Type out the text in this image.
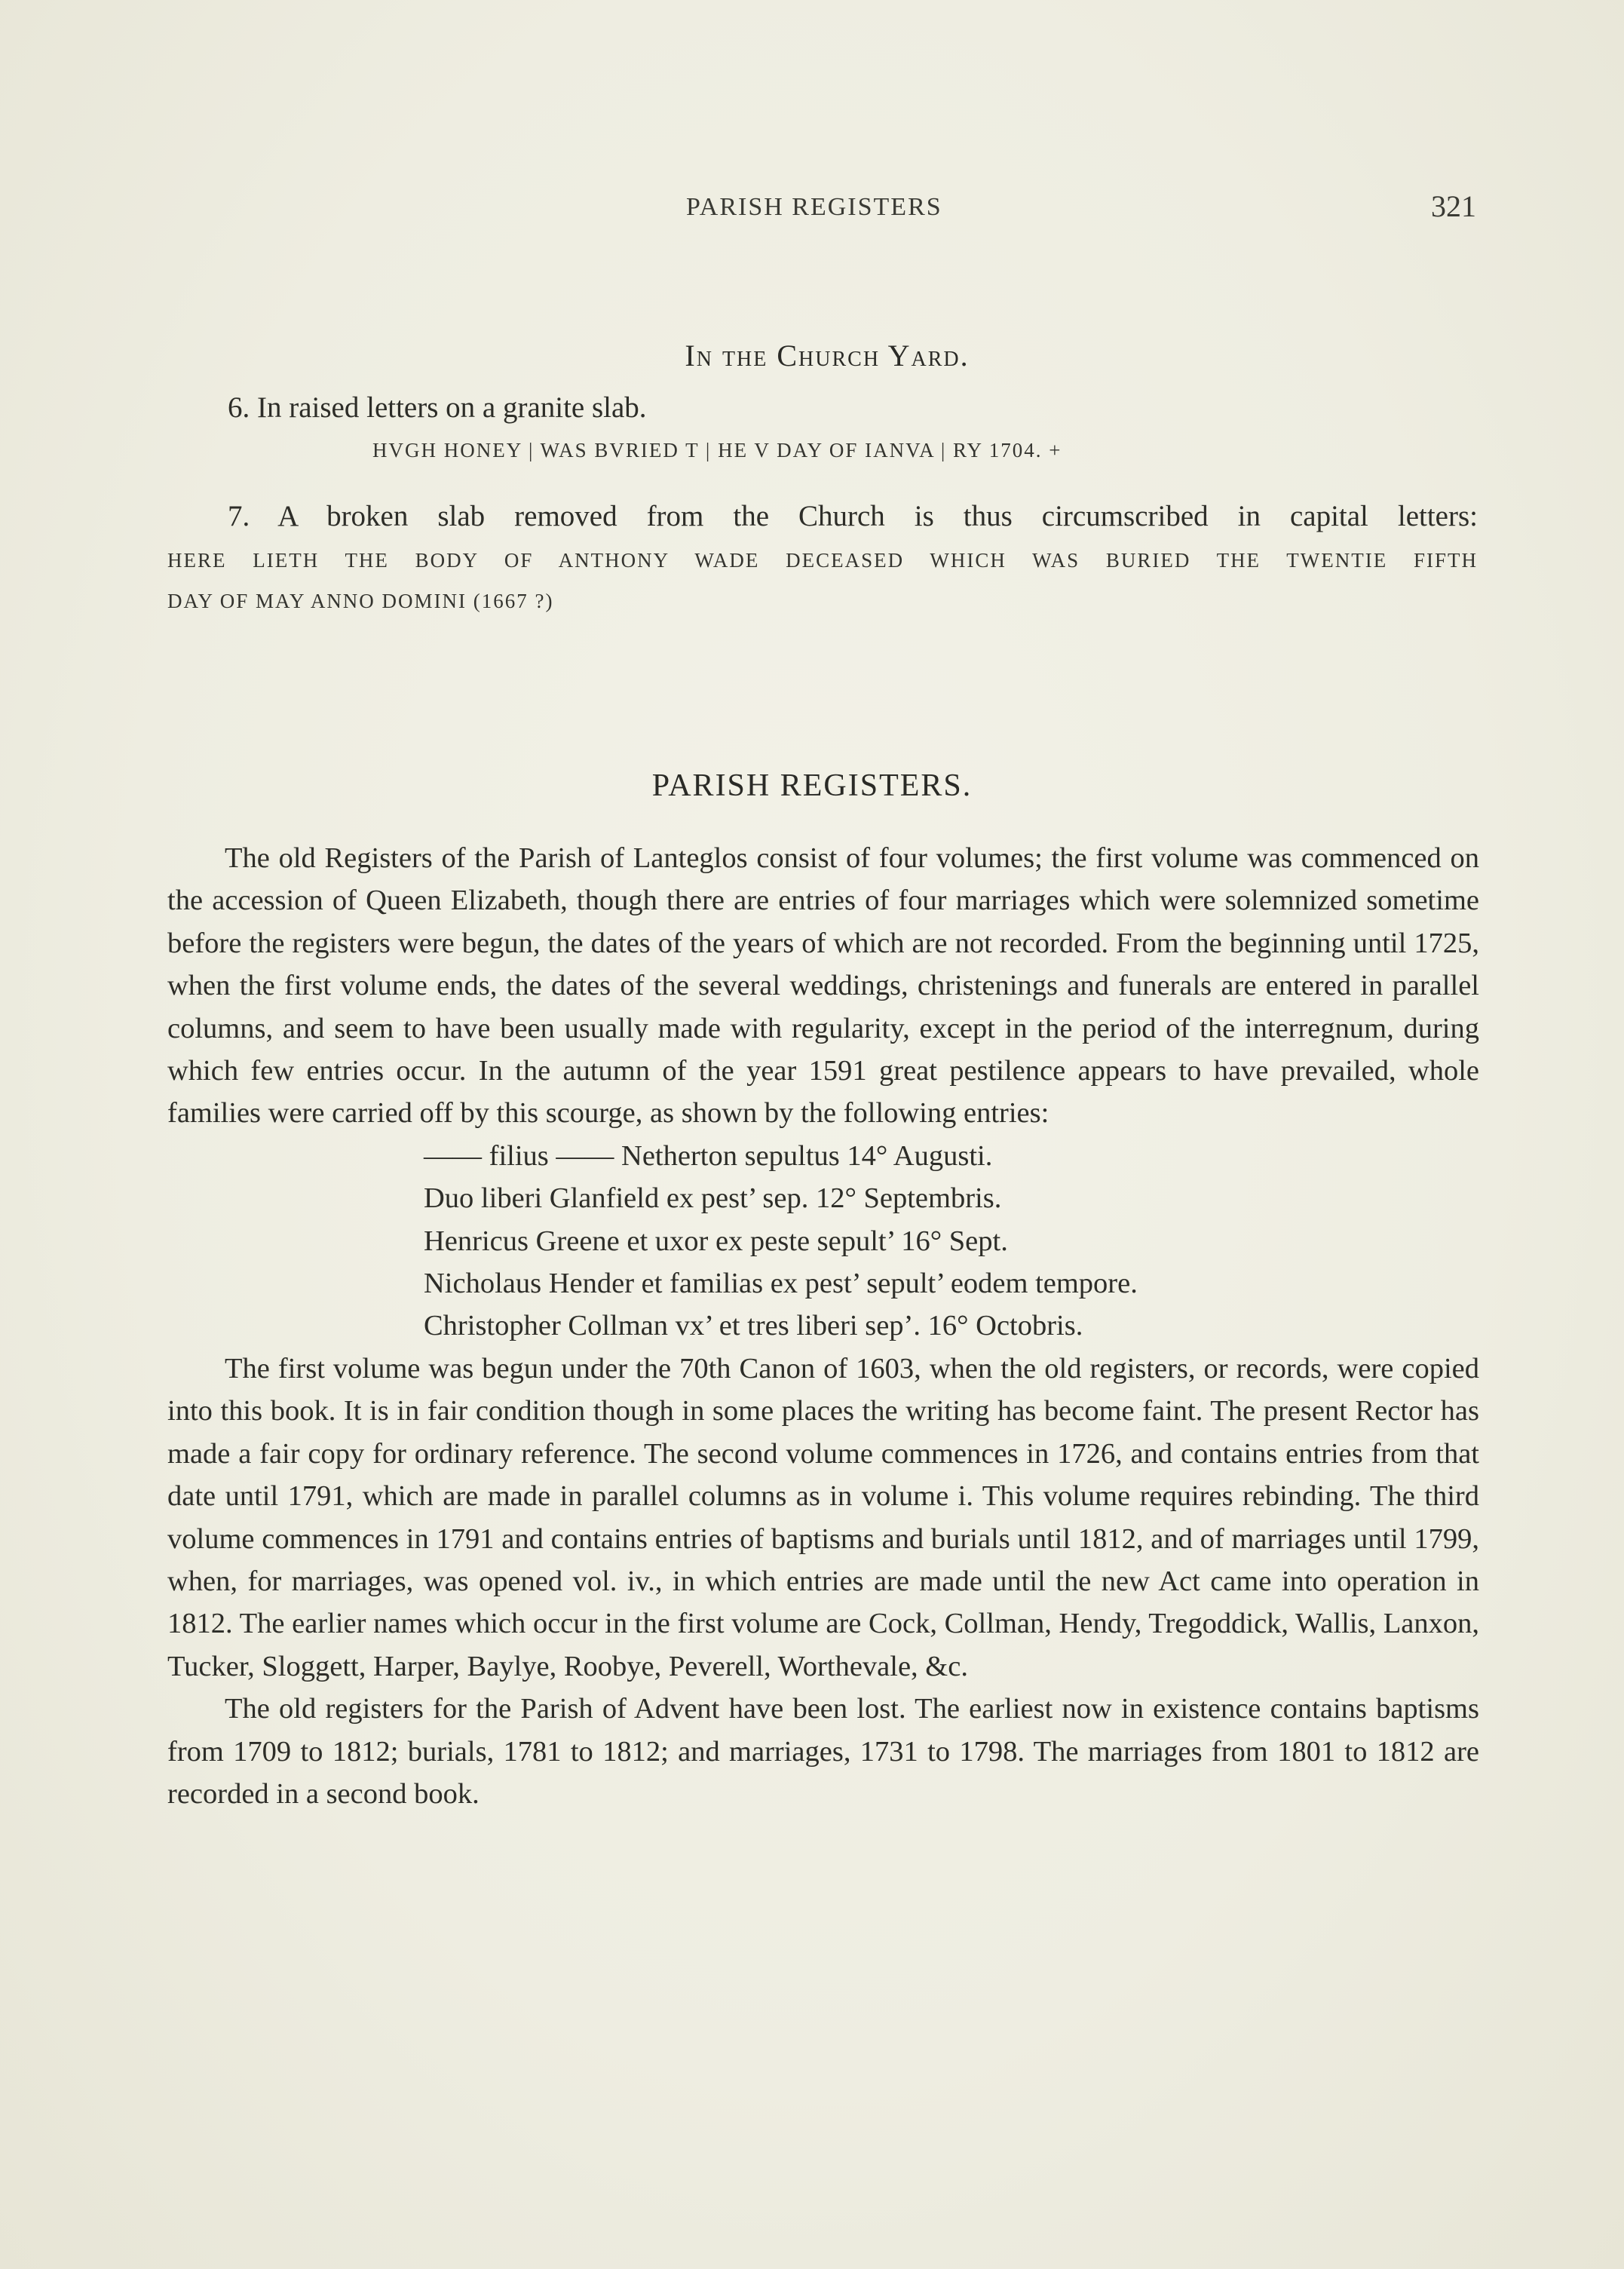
PARISH REGISTERS	321
In the Church Yard.
6. In raised letters on a granite slab.
HVGH HONEY | WAS BVRIED T | HE V DAY OF IANVA | RY 1704. +
7. A broken slab removed from the Church is thus circumscribed in capital letters:
HERE LIETH THE BODY OF ANTHONY WADE DECEASED WHICH WAS BURIED THE TWENTIE FIFTH
DAY OF MAY ANNO DOMINI (1667 ?)
PARISH REGISTERS.

The old Registers of the Parish of Lanteglos consist of four volumes; the first volume was commenced on the accession of Queen Elizabeth, though there are entries of four marriages which were solemnized sometime before the registers were begun, the dates of the years of which are not recorded. From the beginning until 1725, when the first volume ends, the dates of the several weddings, christenings and funerals are entered in parallel columns, and seem to have been usually made with regularity, except in the period of the interregnum, during which few entries occur. In the autumn of the year 1591 great pestilence appears to have prevailed, whole families were carried off by this scourge, as shown by the following entries:

—— filius —— Netherton sepultus 14° Augusti.
Duo liberi Glanfield ex pest’ sep. 12° Septembris.
Henricus Greene et uxor ex peste sepult’ 16° Sept.
Nicholaus Hender et familias ex pest’ sepult’ eodem tempore.
Christopher Collman vx’ et tres liberi sep’. 16° Octobris.

The first volume was begun under the 70th Canon of 1603, when the old registers, or records, were copied into this book. It is in fair condition though in some places the writing has become faint. The present Rector has made a fair copy for ordinary reference. The second volume commences in 1726, and contains entries from that date until 1791, which are made in parallel columns as in volume i. This volume requires rebinding. The third volume commences in 1791 and contains entries of baptisms and burials until 1812, and of marriages until 1799, when, for marriages, was opened vol. iv., in which entries are made until the new Act came into operation in 1812. The earlier names which occur in the first volume are Cock, Collman, Hendy, Tregoddick, Wallis, Lanxon, Tucker, Sloggett, Harper, Baylye, Roobye, Peverell, Worthevale, &c.

The old registers for the Parish of Advent have been lost. The earliest now in existence contains baptisms from 1709 to 1812; burials, 1781 to 1812; and marriages, 1731 to 1798. The marriages from 1801 to 1812 are recorded in a second book.
